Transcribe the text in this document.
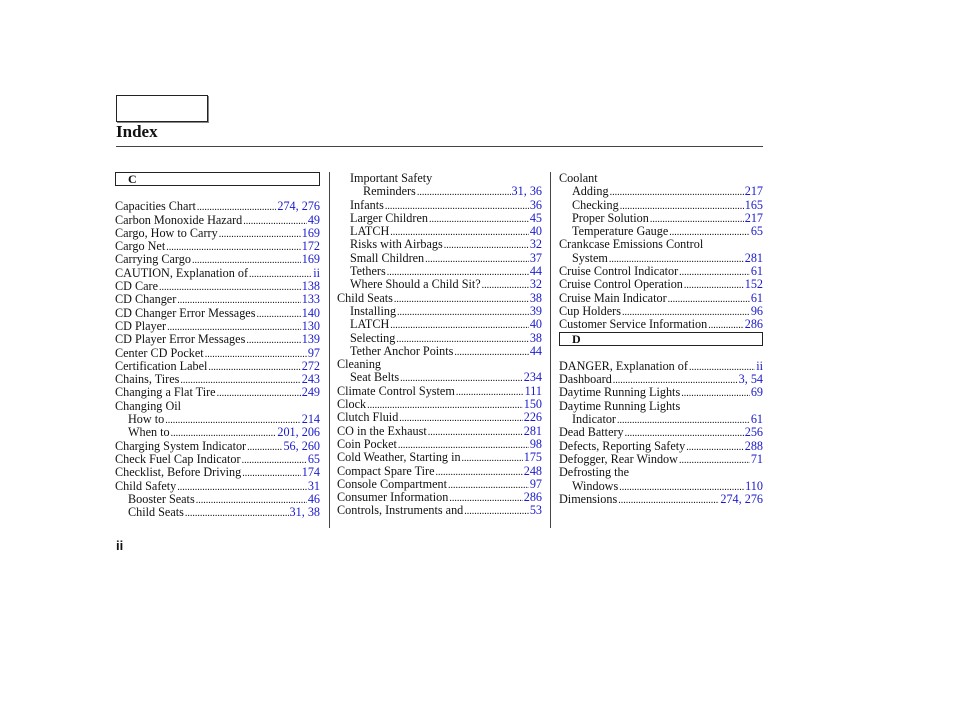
Index
C
Capacities Chart .....	274, 276
Carbon Monoxide Hazard .....	49
Cargo, How to Carry .....	169
Cargo Net .....	172
Carrying Cargo .....	169
CAUTION, Explanation of .....	ii
CD Care .....	138
CD Changer .....	133
CD Changer Error Messages .....	140
CD Player .....	130
CD Player Error Messages .....	139
Center CD Pocket .....	97
Certification Label .....	272
Chains, Tires .....	243
Changing a Flat Tire .....	249
Changing Oil
How to .....	214
When to .....	201, 206
Charging System Indicator .....	56, 260
Check Fuel Cap Indicator .....	65
Checklist, Before Driving .....	174
Child Safety .....	31
Booster Seats .....	46
Child Seats .....	31, 38
Important Safety
Reminders .....	31, 36
Infants .....	36
Larger Children .....	45
LATCH .....	40
Risks with Airbags .....	32
Small Children .....	37
Tethers .....	44
Where Should a Child Sit? .....	32
Child Seats .....	38
Installing .....	39
LATCH .....	40
Selecting .....	38
Tether Anchor Points .....	44
Cleaning
Seat Belts .....	234
Climate Control System .....	111
Clock .....	150
Clutch Fluid .....	226
CO in the Exhaust .....	281
Coin Pocket .....	98
Cold Weather, Starting in .....	175
Compact Spare Tire .....	248
Console Compartment .....	97
Consumer Information .....	286
Controls, Instruments and .....	53
Coolant
Adding .....	217
Checking .....	165
Proper Solution .....	217
Temperature Gauge .....	65
Crankcase Emissions Control
System .....	281
Cruise Control Indicator .....	61
Cruise Control Operation .....	152
Cruise Main Indicator .....	61
Cup Holders .....	96
Customer Service Information .....	286
D
DANGER, Explanation of .....	ii
Dashboard .....	3, 54
Daytime Running Lights .....	69
Daytime Running Lights
Indicator .....	61
Dead Battery .....	256
Defects, Reporting Safety .....	288
Defogger, Rear Window .....	71
Defrosting the
Windows .....	110
Dimensions .....	274, 276
ii
